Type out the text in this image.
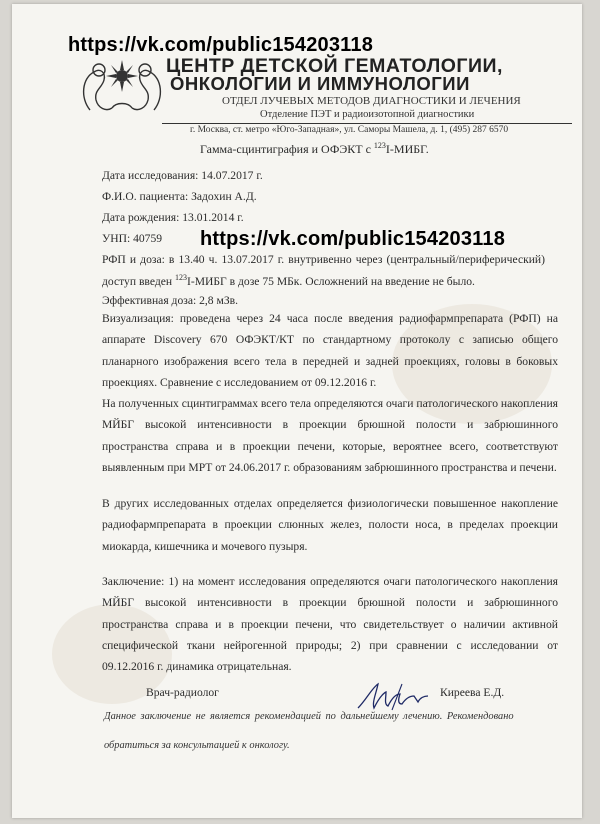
https://vk.com/public154203118
ЦЕНТР ДЕТСКОЙ ГЕМАТОЛОГИИ,
ОНКОЛОГИИ И ИММУНОЛОГИИ
ОТДЕЛ ЛУЧЕВЫХ МЕТОДОВ ДИАГНОСТИКИ И ЛЕЧЕНИЯ
Отделение ПЭТ и радиоизотопной диагностики
г. Москва, ст. метро «Юго-Западная», ул. Саморы Машела, д. 1, (495) 287 6570
Гамма-сцинтиграфия и ОФЭКТ с $^{123}$I-МИБГ.
Дата исследования: 14.07.2017 г.
Ф.И.О. пациента: Задохин А.Д.
Дата рождения: 13.01.2014 г.
УНП: 40759 https://vk.com/public154203118
РФП и доза: в 13.40 ч. 13.07.2017 г. внутривенно через (центральный/периферический)
доступ введен $^{123}$I-МИБГ в дозе 75 МБк. Осложнений на введение не было.
Эффективная доза: 2,8 мЗв.
Визуализация: проведена через 24 часа после введения радиофармпрепарата (РФП) на аппарате Discovery 670 ОФЭКТ/КТ по стандартному протоколу с записью общего планарного изображения всего тела в передней и задней проекциях, головы в боковых проекциях. Сравнение с исследованием от 09.12.2016 г.
На полученных сцинтиграммах всего тела определяются очаги патологического накопления МЙБГ высокой интенсивности в проекции брюшной полости и забрюшинного пространства справа и в проекции печени, которые, вероятнее всего, соответствуют выявленным при МРТ от 24.06.2017 г. образованиям забрюшинного пространства и печени.
В других исследованных отделах определяется физиологически повышенное накопление радиофармпрепарата в проекции слюнных желез, полости носа, в пределах проекции миокарда, кишечника и мочевого пузыря.
Заключение: 1) на момент исследования определяются очаги патологического накопления МЙБГ высокой интенсивности в проекции брюшной полости и забрюшинного пространства справа и в проекции печени, что свидетельствует о наличии активной специфической ткани нейрогенной природы; 2) при сравнении с исследовании от 09.12.2016 г. динамика отрицательная.
Врач-радиолог	Киреева Е.Д.
Данное заключение не является рекомендацией по дальнейшему лечению. Рекомендовано
обратиться за консультацией к онкологу.
